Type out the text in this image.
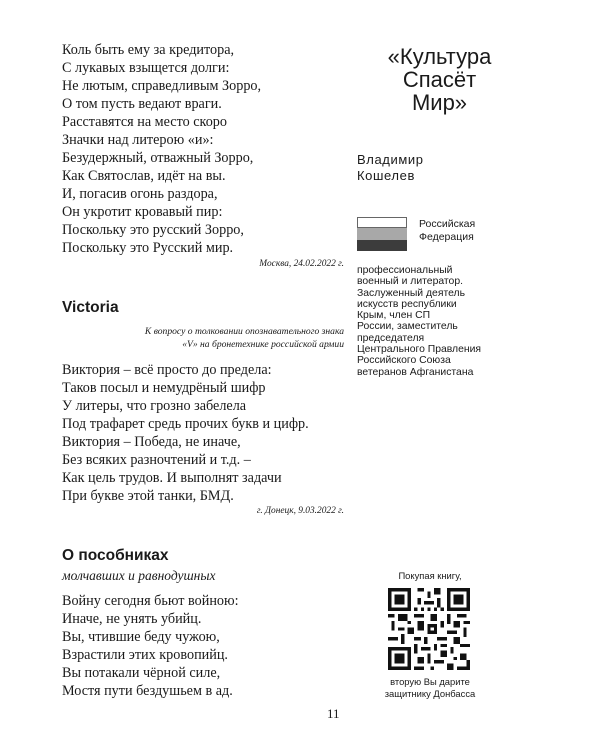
Коль быть ему за кредитора,
С лукавых взыщется долги:
Не лютым, справедливым Зорро,
О том пусть ведают враги.
Расставятся на место скоро
Значки над литерою «и»:
Безудержный, отважный Зорро,
Как Святослав, идёт на вы.
И, погасив огонь раздора,
Он укротит кровавый пир:
Поскольку это русский Зорро,
Поскольку это Русский мир.
Москва, 24.02.2022 г.
Victoria
К вопросу о толковании опознавательного знака
«V» на бронетехнике российской армии
Виктория – всё просто до предела:
Таков посыл и немудрёный шифр
У литеры, что грозно забелела
Под трафарет средь прочих букв и цифр.
Виктория – Победа, не иначе,
Без всяких разночтений и т.д. –
Как цель трудов. И выполнят задачи
При букве этой танки, БМД.
г. Донецк, 9.03.2022 г.
О пособниках
молчавших и равнодушных
Войну сегодня бьют войною:
Иначе, не унять убийц.
Вы, чтившие беду чужою,
Взрастили этих кровопийц.
Вы потакали чёрной силе,
Мостя пути бездушьем в ад.
«Культура
Спасёт
Мир»
Владимир
Кошелев
Российская
Федерация
профессиональный
военный и литератор.
Заслуженный деятель
искусств республики
Крым, член СП
России, заместитель
председателя
Центрального Правления
Российского Союза
ветеранов Афганистана
Покупая книгу,
вторую Вы дарите
защитнику Донбасса
11
